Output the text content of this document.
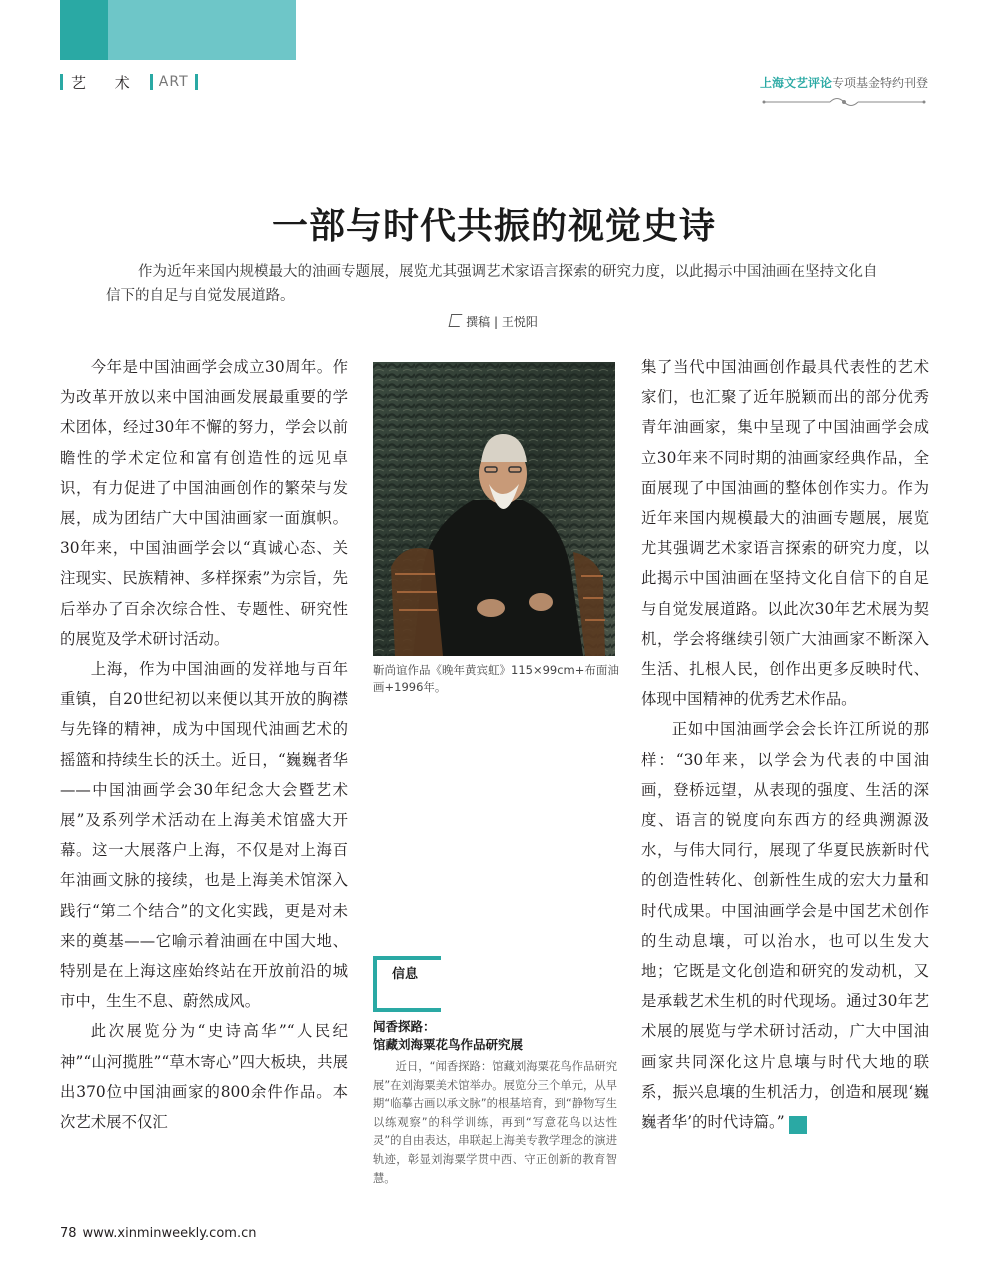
艺 术 ART	上海文艺评论专项基金特约刊登
一部与时代共振的视觉史诗
作为近年来国内规模最大的油画专题展，展览尤其强调艺术家语言探索的研究力度，以此揭示中国油画在坚持文化自信下的自足与自觉发展道路。
撰稿 | 王悦阳

今年是中国油画学会成立30周年。作为改革开放以来中国油画发展最重要的学术团体，经过30年不懈的努力，学会以前瞻性的学术定位和富有创造性的远见卓识，有力促进了中国油画创作的繁荣与发展，成为团结广大中国油画家一面旗帜。30年来，中国油画学会以“真诚心态、关注现实、民族精神、多样探索”为宗旨，先后举办了百余次综合性、专题性、研究性的展览及学术研讨活动。

上海，作为中国油画的发祥地与百年重镇，自20世纪初以来便以其开放的胸襟与先锋的精神，成为中国现代油画艺术的摇篮和持续生长的沃土。近日，“巍巍者华——中国油画学会30年纪念大会暨艺术展”及系列学术活动在上海美术馆盛大开幕。这一大展落户上海，不仅是对上海百年油画文脉的接续，也是上海美术馆深入践行“第二个结合”的文化实践，更是对未来的奠基——它喻示着油画在中国大地、特别是在上海这座始终站在开放前沿的城市中，生生不息、蔚然成风。

此次展览分为“史诗高华”“人民纪神”“山河揽胜”“草木寄心”四大板块，共展出370位中国油画家的800余件作品。本次艺术展不仅汇

靳尚谊作品《晚年黄宾虹》115×99cm+布面油画+1996年。
信息
闻香探路：
馆藏刘海粟花鸟作品研究展
近日，“闻香探路：馆藏刘海粟花鸟作品研究展”在刘海粟美术馆举办。展览分三个单元，从早期“临摹古画以承文脉”的根基培育，到“静物写生以练观察”的科学训练，再到“写意花鸟以达性灵”的自由表达，串联起上海美专教学理念的演进轨迹，彰显刘海粟学贯中西、守正创新的教育智慧。

集了当代中国油画创作最具代表性的艺术家们，也汇聚了近年脱颖而出的部分优秀青年油画家，集中呈现了中国油画学会成立30年来不同时期的油画家经典作品，全面展现了中国油画的整体创作实力。作为近年来国内规模最大的油画专题展，展览尤其强调艺术家语言探索的研究力度，以此揭示中国油画在坚持文化自信下的自足与自觉发展道路。以此次30年艺术展为契机，学会将继续引领广大油画家不断深入生活、扎根人民，创作出更多反映时代、体现中国精神的优秀艺术作品。

正如中国油画学会会长许江所说的那样：“30年来，以学会为代表的中国油画，登桥远望，从表现的强度、生活的深度、语言的锐度向东西方的经典溯源汲水，与伟大同行，展现了华夏民族新时代的创造性转化、创新性生成的宏大力量和时代成果。中国油画学会是中国艺术创作的生动息壤，可以治水，也可以生发大地；它既是文化创造和研究的发动机，又是承载艺术生机的时代现场。通过30年艺术展的展览与学术研讨活动，广大中国油画家共同深化这片息壤与时代大地的联系，振兴息壤的生机活力，创造和展现‘巍巍者华’的时代诗篇。”	民

78 www.xinminweekly.com.cn
